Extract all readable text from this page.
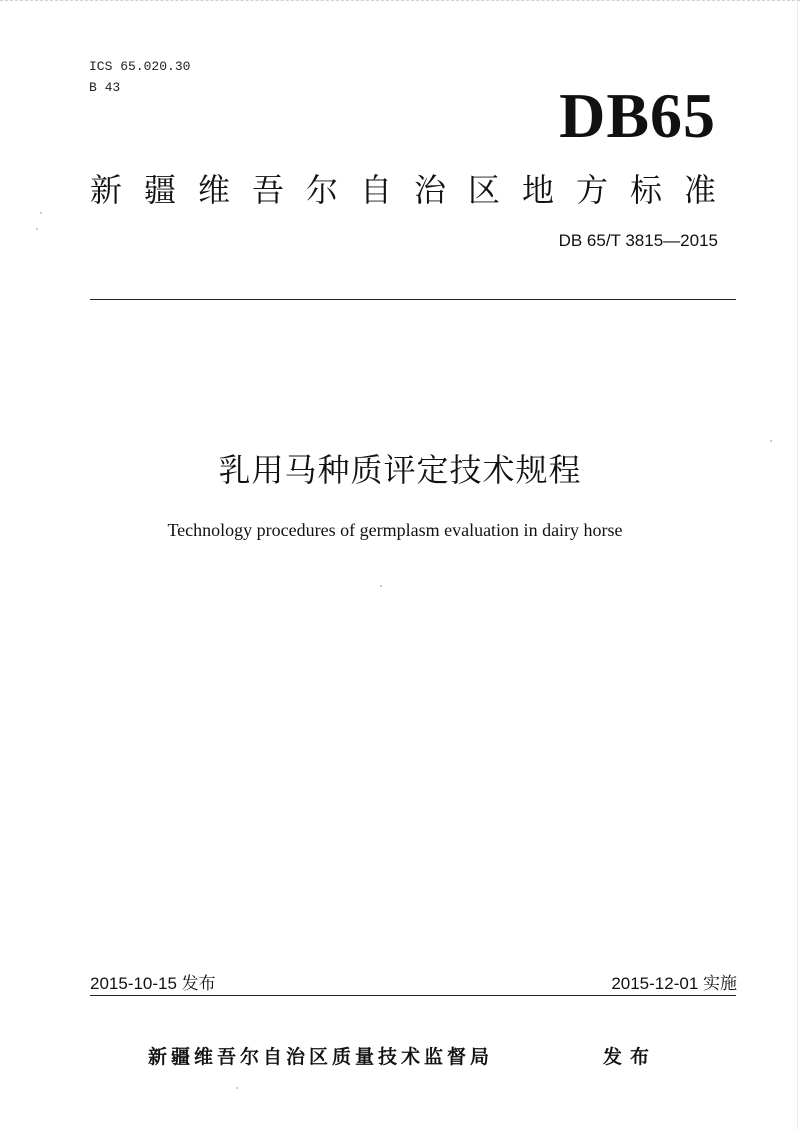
ICS 65.020.30
B 43	DB65
新疆维吾尔自治区地方标准
DB 65/T 3815—2015
乳用马种质评定技术规程
Technology procedures of germplasm evaluation in dairy horse
2015-10-15 发布	2015-12-01 实施
新疆维吾尔自治区质量技术监督局	发布
